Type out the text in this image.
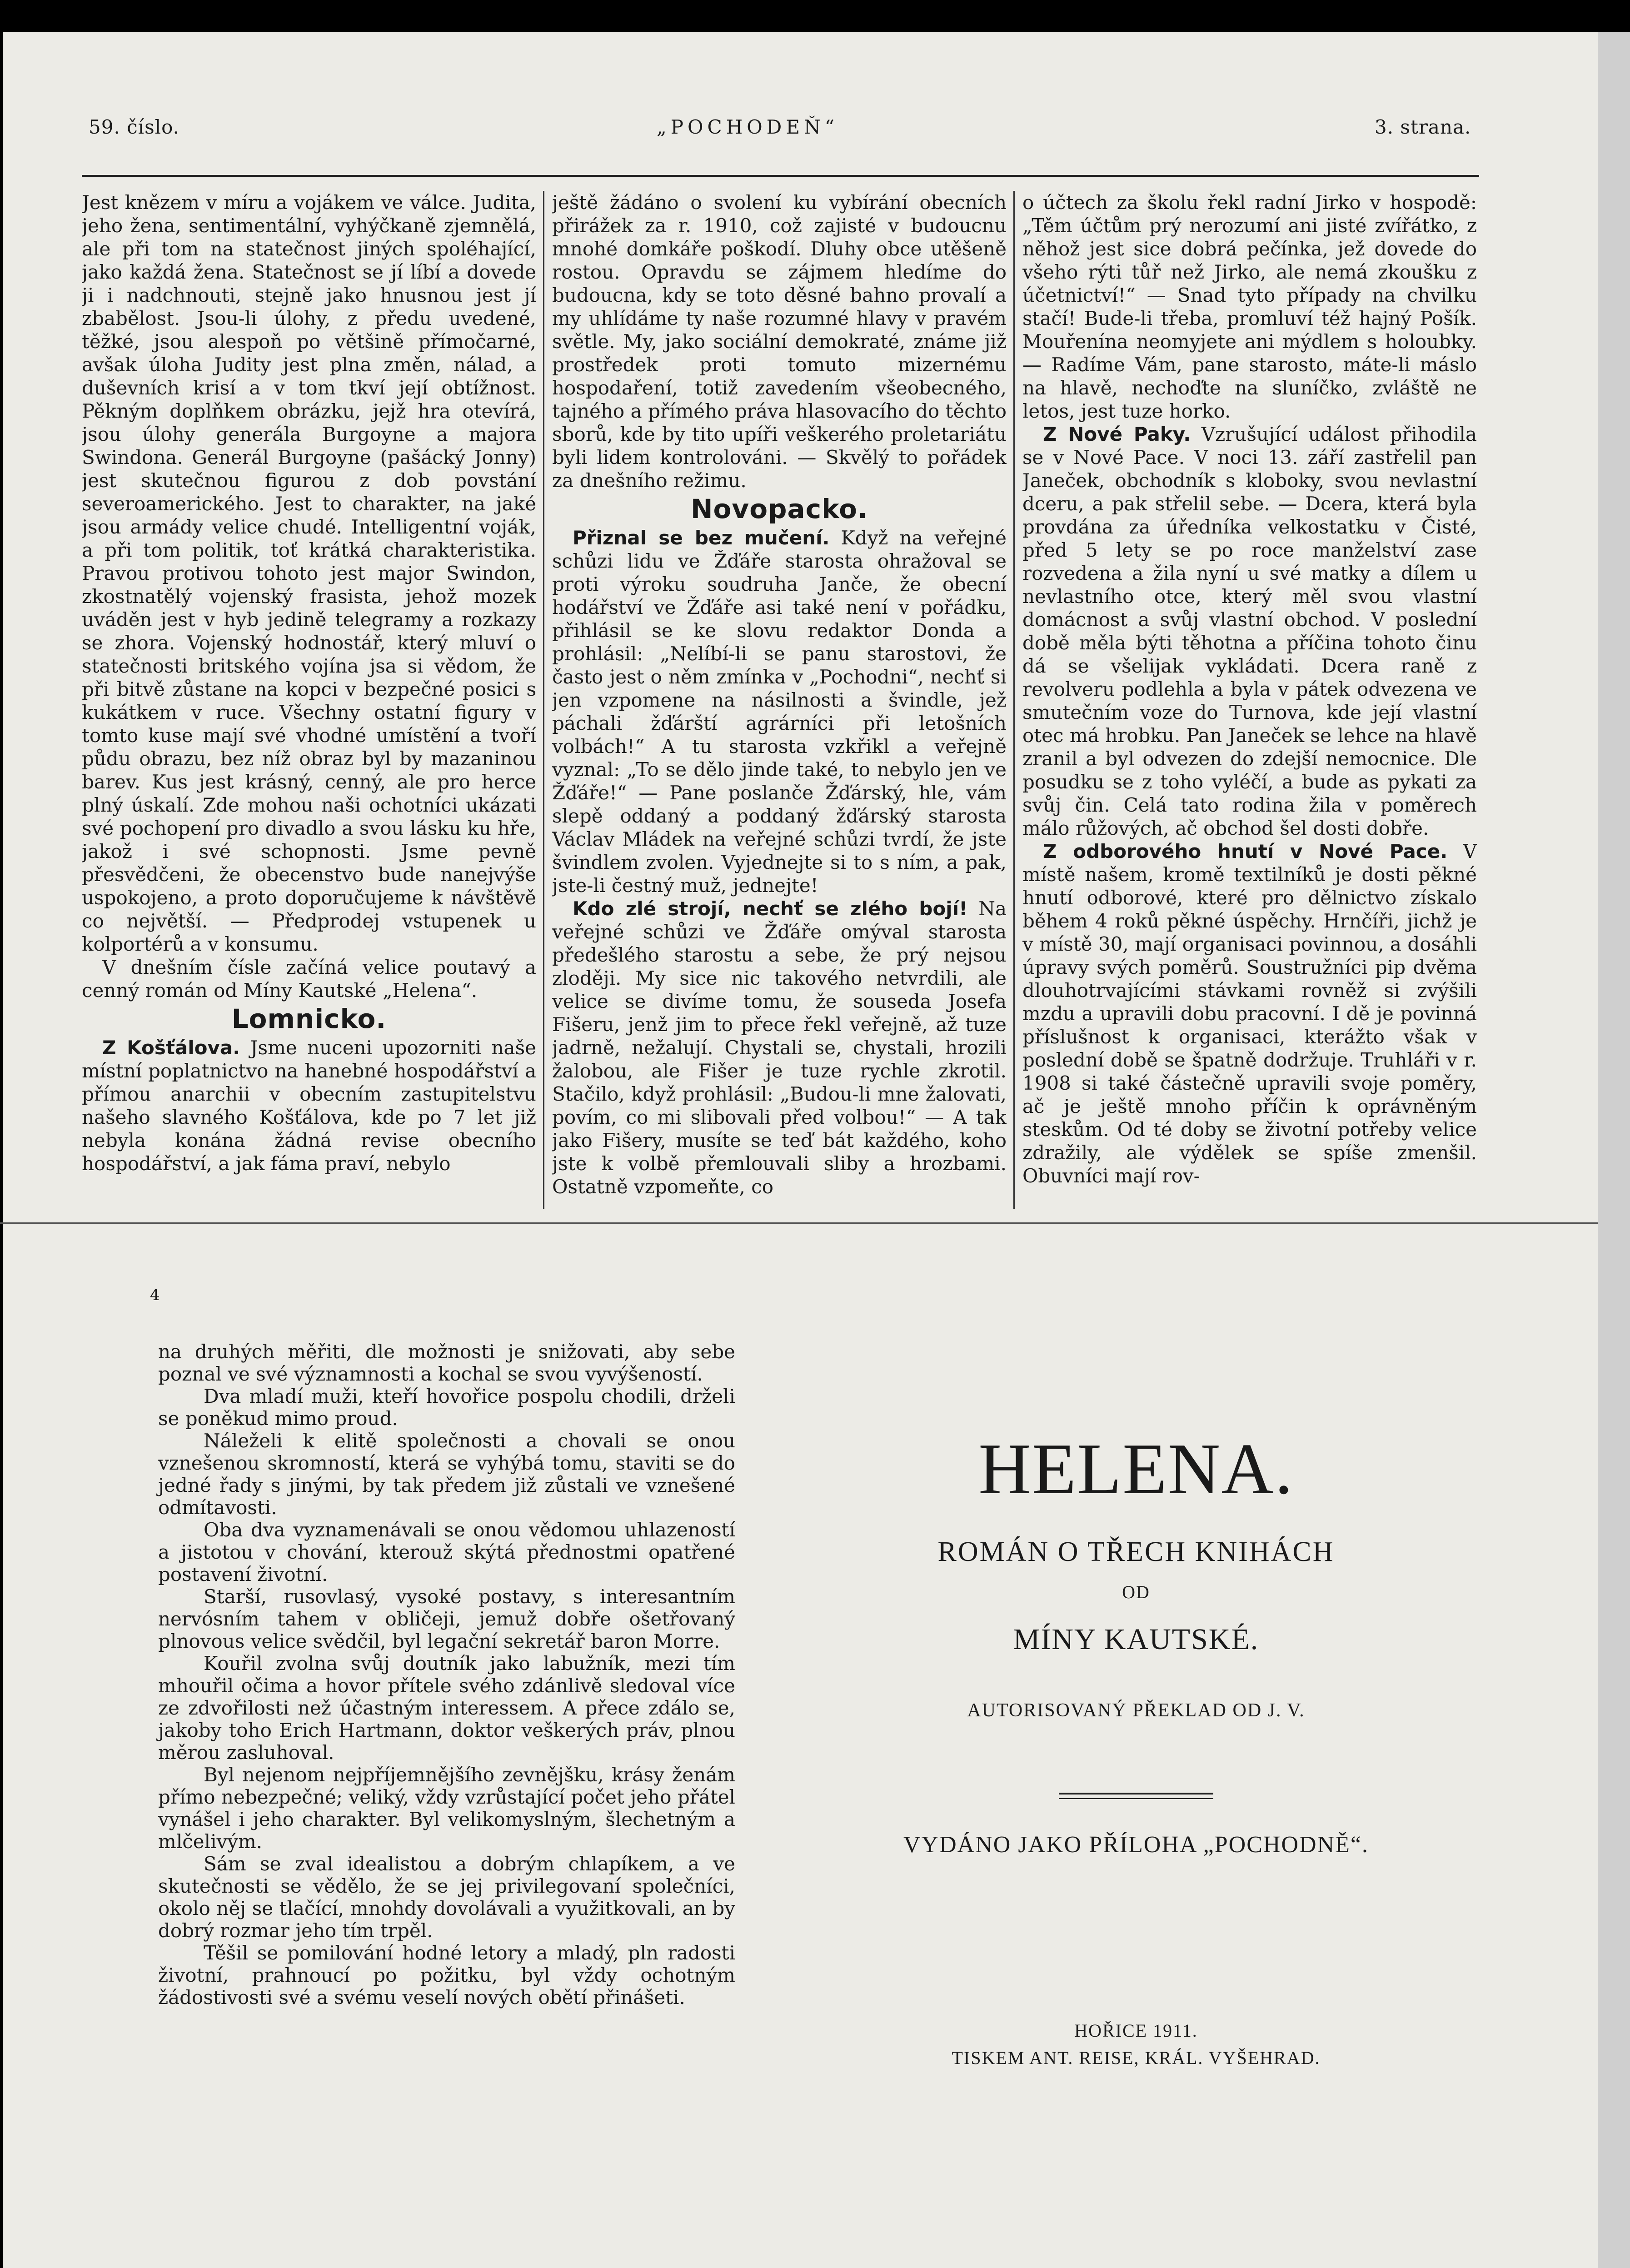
59. číslo.	„POCHODEŇ“	3. strana.

Jest knězem v míru a vojákem ve válce. Judita, jeho žena, sentimentální, vyhýčkaně zjemnělá, ale při tom na statečnost jiných spoléhající, jako každá žena. Statečnost se jí líbí a dovede ji i nadchnouti, stejně jako hnusnou jest jí zbabělost. Jsou-li úlohy, z předu uvedené, těžké, jsou alespoň po většině přímočarné, avšak úloha Judity jest plna změn, nálad, a duševních krisí a v tom tkví její obtížnost. Pěkným doplňkem obrázku, jejž hra otevírá, jsou úlohy generála Burgoyne a majora Swindona. Generál Burgoyne (pašácký Jonny) jest skutečnou figurou z dob povstání severoamerického. Jest to charakter, na jaké jsou armády velice chudé. Intelligentní voják, a při tom politik, toť krátká charakteristika. Pravou protivou tohoto jest major Swindon, zkostnatělý vojenský frasista, jehož mozek uváděn jest v hyb jedině telegramy a rozkazy se zhora. Vojenský hodnostář, který mluví o statečnosti britského vojína jsa si vědom, že při bitvě zůstane na kopci v bezpečné posici s kukátkem v ruce. Všechny ostatní figury v tomto kuse mají své vhodné umístění a tvoří půdu obrazu, bez níž obraz byl by mazaninou barev. Kus jest krásný, cenný, ale pro herce plný úskalí. Zde mohou naši ochotníci ukázati své pochopení pro divadlo a svou lásku ku hře, jakož i své schopnosti. Jsme pevně přesvědčeni, že obecenstvo bude nanejvýše uspokojeno, a proto doporučujeme k návštěvě co největší. — Předprodej vstupenek u kolportérů a v konsumu.

V dnešním čísle začíná velice poutavý a cenný román od Míny Kautské „Helena“.

Lomnicko.

Z Košťálova. Jsme nuceni upozorniti naše místní poplatnictvo na hanebné hospodářství a přímou anarchii v obecním zastupitelstvu našeho slavného Košťálova, kde po 7 let již nebyla konána žádná revise obecního hospodářství, a jak fáma praví, nebylo

ještě žádáno o svolení ku vybírání obecních přirážek za r. 1910, což zajisté v budoucnu mnohé domkáře poškodí. Dluhy obce utěšeně rostou. Opravdu se zájmem hledíme do budoucna, kdy se toto děsné bahno provalí a my uhlídáme ty naše rozumné hlavy v pravém světle. My, jako sociální demokraté, známe již prostředek proti tomuto mizernému hospodaření, totiž zavedením všeobecného, tajného a přímého práva hlasovacího do těchto sborů, kde by tito upíři veškerého proletariátu byli lidem kontrolováni. — Skvělý to pořádek za dnešního režimu.

Novopacko.

Přiznal se bez mučení. Když na veřejné schůzi lidu ve Žďáře starosta ohražoval se proti výroku soudruha Jančе, že obecní hodářství ve Žďáře asi také není v pořádku, přihlásil se ke slovu redaktor Donda a prohlásil: „Nelíbí-li se panu starostovi, že často jest o něm zmínka v „Pochodni“, nechť si jen vzpomene na násilnosti a švindle, jež páchali žďárští agrárníci při letošních volbách!“ A tu starosta vzkřikl a veřejně vyznal: „To se dělo jinde také, to nebylo jen ve Žďáře!“ — Pane poslanče Žďárský, hle, vám slepě oddaný a poddaný žďárský starosta Václav Mládek na veřejné schůzi tvrdí, že jste švindlem zvolen. Vyjednejte si to s ním, a pak, jste-li čestný muž, jednejte!

Kdo zlé strojí, nechť se zlého bojí! Na veřejné schůzi ve Žďáře omýval starosta předešlého starostu a sebe, že prý nejsou zloději. My sice nic takového netvrdili, ale velice se divíme tomu, že souseda Josefa Fišeru, jenž jim to přece řekl veřejně, až tuze jadrně, nežalují. Chystali se, chystali, hrozili žalobou, ale Fišer je tuze rychle zkrotil. Stačilo, když prohlásil: „Budou-li mne žalovati, povím, co mi slibovali před volbou!“ — A tak jako Fišery, musíte se teď bát každého, koho jste k volbě přemlouvali sliby a hrozbami. Ostatně vzpomeňte, co

o účtech za školu řekl radní Jirko v hospodě: „Těm účtům prý nerozumí ani jisté zvířátko, z něhož jest sice dobrá pečínka, jež dovede do všeho rýti tůř než Jirko, ale nemá zkoušku z účetnictví!“ — Snad tyto případy na chvilku stačí! Bude-li třeba, promluví též hajný Pošík. Mouřenína neomyjete ani mýdlem s holoubky. — Radíme Vám, pane starosto, máte-li máslo na hlavě, nechoďte na sluníčko, zvláště ne letos, jest tuze horko.

Z Nové Paky. Vzrušující událost přihodila se v Nové Pace. V noci 13. září zastřelil pan Janeček, obchodník s kloboky, svou nevlastní dceru, a pak střelil sebe. — Dcera, která byla provdána za úředníka velkostatku v Čisté, před 5 lety se po roce manželství zase rozvedena a žila nyní u své matky a dílem u nevlastního otce, který měl svou vlastní domácnost a svůj vlastní obchod. V poslední době měla býti těhotna a příčina tohoto činu dá se všelijak vykládati. Dcera raně z revolveru podlehla a byla v pátek odvezena ve smutečním voze do Turnova, kde její vlastní otec má hrobku. Pan Janeček se lehce na hlavě zranil a byl odvezen do zdejší nemocnice. Dle posudku se z toho vyléčí, a bude as pykati za svůj čin. Celá tato rodina žila v poměrech málo růžových, ač obchod šel dosti dobře.

Z odborového hnutí v Nové Pace. V místě našem, kromě textilníků je dosti pěkné hnutí odborové, které pro dělnictvo získalo během 4 roků pěkné úspěchy. Hrnčíři, jichž je v místě 30, mají organisaci povinnou, a dosáhli úpravy svých poměrů. Soustružníci pip dvěma dlouhotrvajícími stávkami rovněž si zvýšili mzdu a upravili dobu pracovní. I dě je povinná příslušnost k organisaci, kterážto však v poslední době se špatně dodržuje. Truhláři v r. 1908 si také částečně upravili svoje poměry, ač je ještě mnoho příčin k oprávněným steskům. Od té doby se životní potřeby velice zdražily, ale výdělek se spíše zmenšil. Obuvníci mají rov-

4

na druhých měřiti, dle možnosti je snižovati, aby sebe poznal ve své významnosti a kochal se svou vyvýšeností.

Dva mladí muži, kteří hovořice pospolu chodili, drželi se poněkud mimo proud.

Náleželi k elitě společnosti a chovali se onou vznešenou skromností, která se vyhýbá tomu, staviti se do jedné řady s jinými, by tak předem již zůstali ve vznešené odmítavosti.

Oba dva vyznamenávali se onou vědomou uhlazeností a jistotou v chování, kterouž skýtá přednostmi opatřené postavení životní.

Starší, rusovlasý, vysoké postavy, s interesantním nervósním tahem v obličeji, jemuž dobře ošetřovaný plnovous velice svědčil, byl legační sekretář baron Morre.

Kouřil zvolna svůj doutník jako labužník, mezi tím mhouřil očima a hovor přítele svého zdánlivě sledoval více ze zdvořilosti než účastným interessem. A přece zdálo se, jakoby toho Erich Hartmann, doktor veškerých práv, plnou měrou zasluhoval.

Byl nejenom nejpříjemnějšího zevnějšku, krásy ženám přímo nebezpečné; veliký, vždy vzrůstající počet jeho přátel vynášel i jeho charakter. Byl velikomyslným, šlechetným a mlčelivým.

Sám se zval idealistou a dobrým chlapíkem, a ve skutečnosti se vědělo, že se jej privilegovaní společníci, okolo něj se tlačící, mnohdy dovolávali a využitkovali, an by dobrý rozmar jeho tím trpěl.

Těšil se pomilování hodné letory a mladý, pln radosti životní, prahnoucí po požitku, byl vždy ochotným žádostivosti své a svému veselí nových obětí přinášeti.

HELENA.
ROMÁN O TŘECH KNIHÁCH
OD
MÍNY KAUTSKÉ.
AUTORISOVANÝ PŘEKLAD OD J. V.
VYDÁNO JAKO PŘÍLOHA „POCHODNĚ“.
HOŘICE 1911.
TISKEM ANT. REISE, KRÁL. VYŠEHRAD.
